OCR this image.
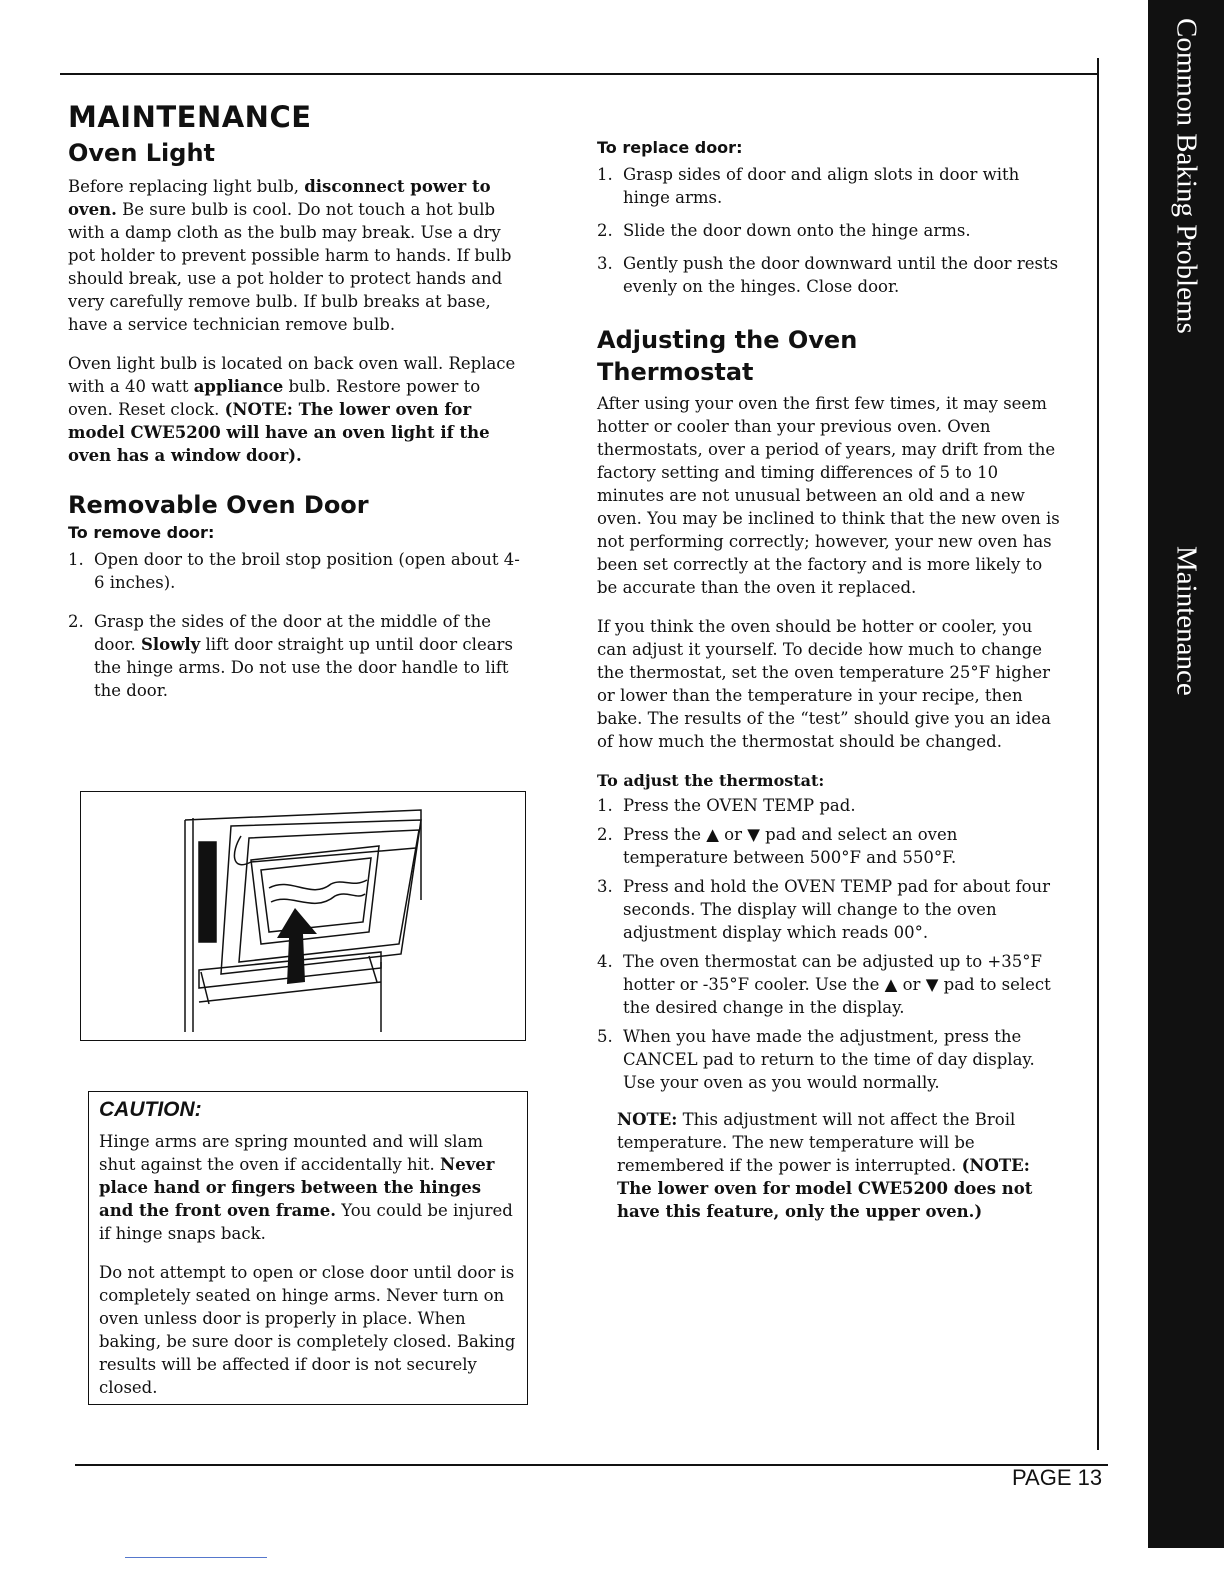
Common Baking Problems
Maintenance
PAGE 13
MAINTENANCE
Oven Light

Before replacing light bulb, disconnect power to oven. Be sure bulb is cool. Do not touch a hot bulb with a damp cloth as the bulb may break. Use a dry pot holder to prevent possible harm to hands. If bulb should break, use a pot holder to protect hands and very carefully remove bulb. If bulb breaks at base, have a service technician remove bulb.

Oven light bulb is located on back oven wall. Replace with a 40 watt appliance bulb. Restore power to oven. Reset clock. (NOTE: The lower oven for model CWE5200 will have an oven light if the oven has a window door).

Removable Oven Door
To remove door:
1. Open door to the broil stop position (open about 4-6 inches).
2. Grasp the sides of the door at the middle of the door. Slowly lift door straight up until door clears the hinge arms. Do not use the door handle to lift the door.
CAUTION:

Hinge arms are spring mounted and will slam shut against the oven if accidentally hit. Never place hand or fingers between the hinges and the front oven frame. You could be injured if hinge snaps back.

Do not attempt to open or close door until door is completely seated on hinge arms. Never turn on oven unless door is properly in place. When baking, be sure door is completely closed. Baking results will be affected if door is not securely closed.

To replace door:
1. Grasp sides of door and align slots in door with hinge arms.
2. Slide the door down onto the hinge arms.
3. Gently push the door downward until the door rests evenly on the hinges. Close door.
Adjusting the Oven
Thermostat

After using your oven the first few times, it may seem hotter or cooler than your previous oven. Oven thermostats, over a period of years, may drift from the factory setting and timing differences of 5 to 10 minutes are not unusual between an old and a new oven. You may be inclined to think that the new oven is not performing correctly; however, your new oven has been set correctly at the factory and is more likely to be accurate than the oven it replaced.

If you think the oven should be hotter or cooler, you can adjust it yourself. To decide how much to change the thermostat, set the oven temperature 25°F higher or lower than the temperature in your recipe, then bake. The results of the “test” should give you an idea of how much the thermostat should be changed.

To adjust the thermostat:
1. Press the OVEN TEMP pad.
2. Press the ▲ or ▼ pad and select an oven temperature between 500°F and 550°F.
3. Press and hold the OVEN TEMP pad for about four seconds. The display will change to the oven adjustment display which reads 00°.
4. The oven thermostat can be adjusted up to +35°F hotter or -35°F cooler. Use the ▲ or ▼ pad to select the desired change in the display.
5. When you have made the adjustment, press the CANCEL pad to return to the time of day display. Use your oven as you would normally.

NOTE: This adjustment will not affect the Broil temperature. The new temperature will be remembered if the power is interrupted. (NOTE: The lower oven for model CWE5200 does not have this feature, only the upper oven.)
